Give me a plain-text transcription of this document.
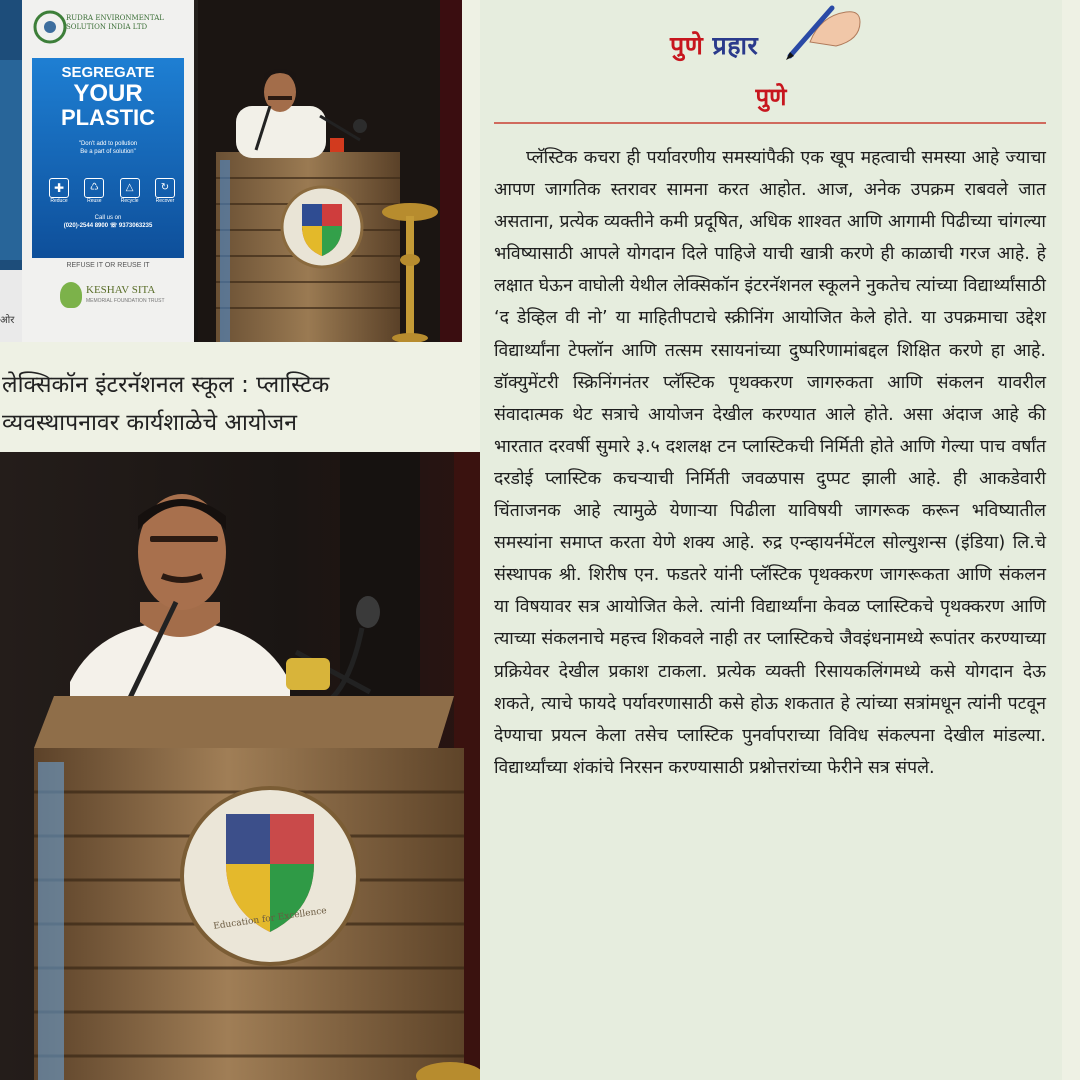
RUDRA ENVIRONMENTAL SOLUTION INDIA LTD
SEGREGATE
YOUR
PLASTIC
"Don't add to pollution
Be a part of solution"
✚
Reduce
♺
Reuse
△
Recycle
↻
Recover
Call us on
(020)-2544 8900 ☏ 9373063235
REFUSE IT OR REUSE IT
KESHAV SITA
MEMORIAL FOUNDATION TRUST
ओर
लेक्सिकॉन इंटरनॅशनल स्कूल : प्लास्टिक
व्यवस्थापनावर कार्यशाळेचे आयोजन
Education for Excellence
पुणे प्रहार
पुणे

प्लॅस्टिक कचरा ही पर्यावरणीय समस्यांपैकी एक खूप महत्वाची समस्या आहे ज्याचा आपण जागतिक स्तरावर सामना करत आहोत. आज, अनेक उपक्रम राबवले जात असताना, प्रत्येक व्यक्तीने कमी प्रदूषित, अधिक शाश्वत आणि आगामी पिढीच्या चांगल्या भविष्यासाठी आपले योगदान दिले पाहिजे याची खात्री करणे ही काळाची गरज आहे. हे लक्षात घेऊन वाघोली येथील लेक्सिकॉन इंटरनॅशनल स्कूलने नुकतेच त्यांच्या विद्यार्थ्यांसाठी ‘द डेव्हिल वी नो’ या माहितीपटाचे स्क्रीनिंग आयोजित केले होते. या उपक्रमाचा उद्देश विद्यार्थ्यांना टेफ्लॉन आणि तत्सम रसायनांच्या दुष्परिणामांबद्दल शिक्षित करणे हा आहे. डॉक्युमेंटरी स्क्रिनिंगनंतर प्लॅस्टिक पृथक्करण जागरुकता आणि संकलन यावरील संवादात्मक थेट सत्राचे आयोजन देखील करण्यात आले होते. असा अंदाज आहे की भारतात दरवर्षी सुमारे ३.५ दशलक्ष टन प्लास्टिकची निर्मिती होते आणि गेल्या पाच वर्षांत दरडोई प्लास्टिक कचऱ्याची निर्मिती जवळपास दुप्पट झाली आहे. ही आकडेवारी चिंताजनक आहे त्यामुळे येणाऱ्या पिढीला याविषयी जागरूक करून भविष्यातील समस्यांना समाप्त करता येणे शक्य आहे. रुद्र एन्व्हायर्नमेंटल सोल्युशन्स (इंडिया) लि.चे संस्थापक श्री. शिरीष एन. फडतरे यांनी प्लॅस्टिक पृथक्करण जागरूकता आणि संकलन या विषयावर सत्र आयोजित केले. त्यांनी विद्यार्थ्यांना केवळ प्लास्टिकचे पृथक्करण आणि त्याच्या संकलनाचे महत्त्व शिकवले नाही तर प्लास्टिकचे जैवइंधनामध्ये रूपांतर करण्याच्या प्रक्रियेवर देखील प्रकाश टाकला. प्रत्येक व्यक्ती रिसायकलिंगमध्ये कसे योगदान देऊ शकते, त्याचे फायदे पर्यावरणासाठी कसे होऊ शकतात हे त्यांच्या सत्रांमधून त्यांनी पटवून देण्याचा प्रयत्न केला तसेच प्लास्टिक पुनर्वापराच्या विविध संकल्पना देखील मांडल्या. विद्यार्थ्यांच्या शंकांचे निरसन करण्यासाठी प्रश्नोत्तरांच्या फेरीने सत्र संपले.
